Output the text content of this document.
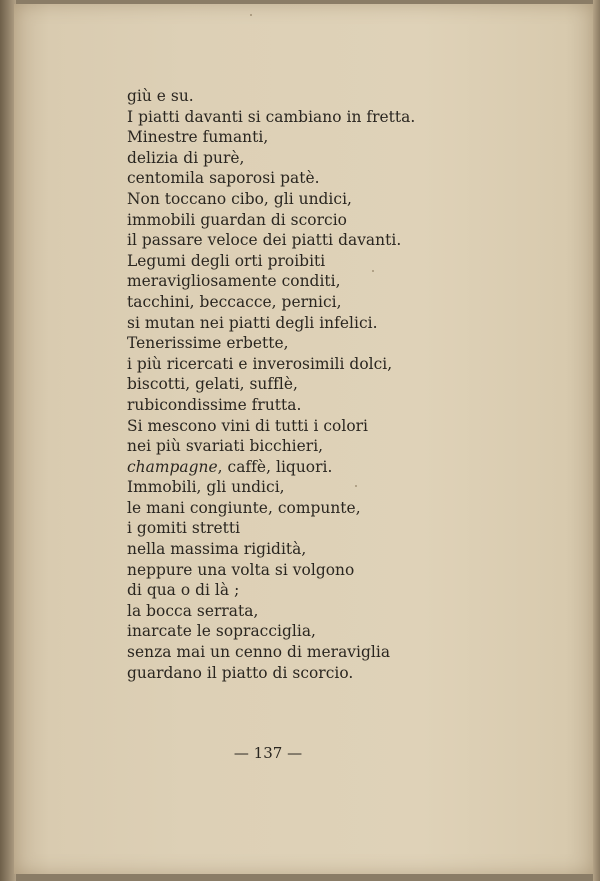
giù e su.
I piatti davanti si cambiano in fretta.
Minestre fumanti,
delizia di purè,
centomila saporosi patè.
Non toccano cibo, gli undici,
immobili guardan di scorcio
il passare veloce dei piatti davanti.
Legumi degli orti proibiti
meravigliosamente conditi,
tacchini, beccacce, pernici,
si mutan nei piatti degli infelici.
Tenerissime erbette,
i più ricercati e inverosimili dolci,
biscotti, gelati, sufflè,
rubicondissime frutta.
Si mescono vini di tutti i colori
nei più svariati bicchieri,
champagne, caffè, liquori.
Immobili, gli undici,
le mani congiunte, compunte,
i gomiti stretti
nella massima rigidità,
neppure una volta si volgono
di qua o di là ;
la bocca serrata,
inarcate le sopracciglia,
senza mai un cenno di meraviglia
guardano il piatto di scorcio.
— 137 —
